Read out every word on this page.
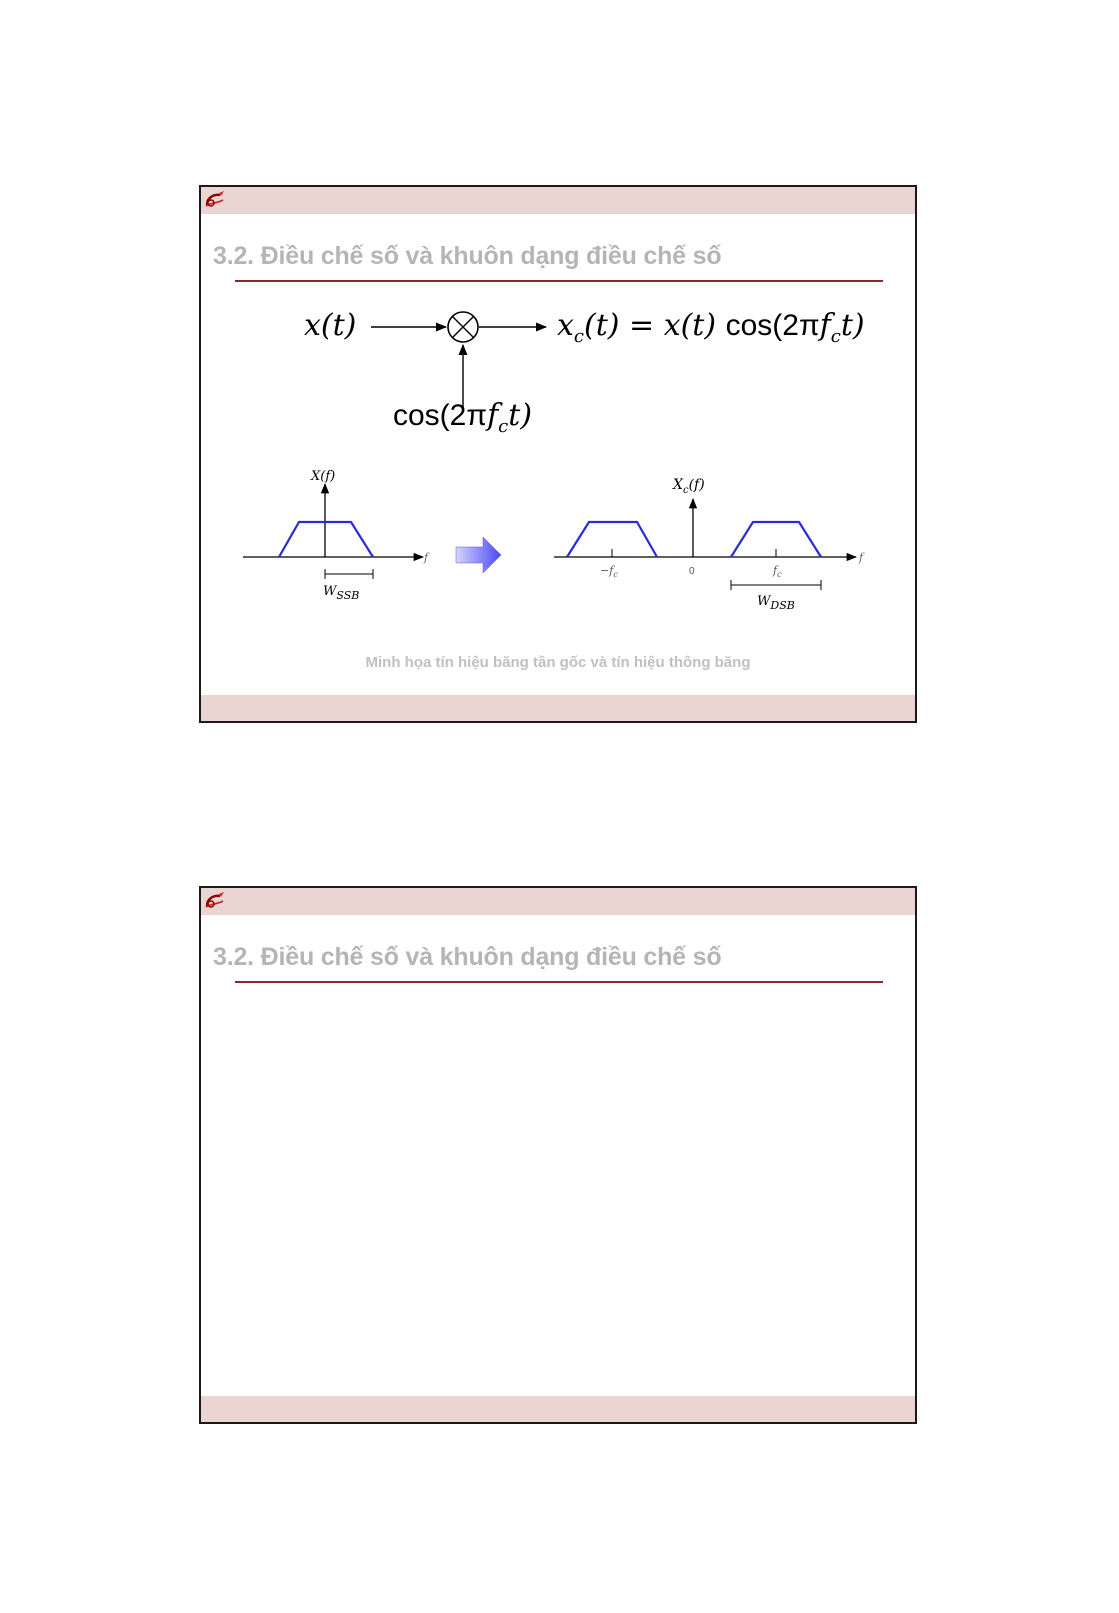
3.2. Điều chế số và khuôn dạng điều chế số
x(t)	$x_c(t) = x(t)$ $\cos(2\pi f_ct)$
$\cos(2\pi f_ct)$
X(f)
f
$W_{SSB}$
$X_c(f)$
f
$-f_c$	0	$f_c$
$W_{DSB}$
Minh họa tín hiệu băng tần gốc và tín hiệu thông băng
3.2. Điều chế số và khuôn dạng điều chế số
